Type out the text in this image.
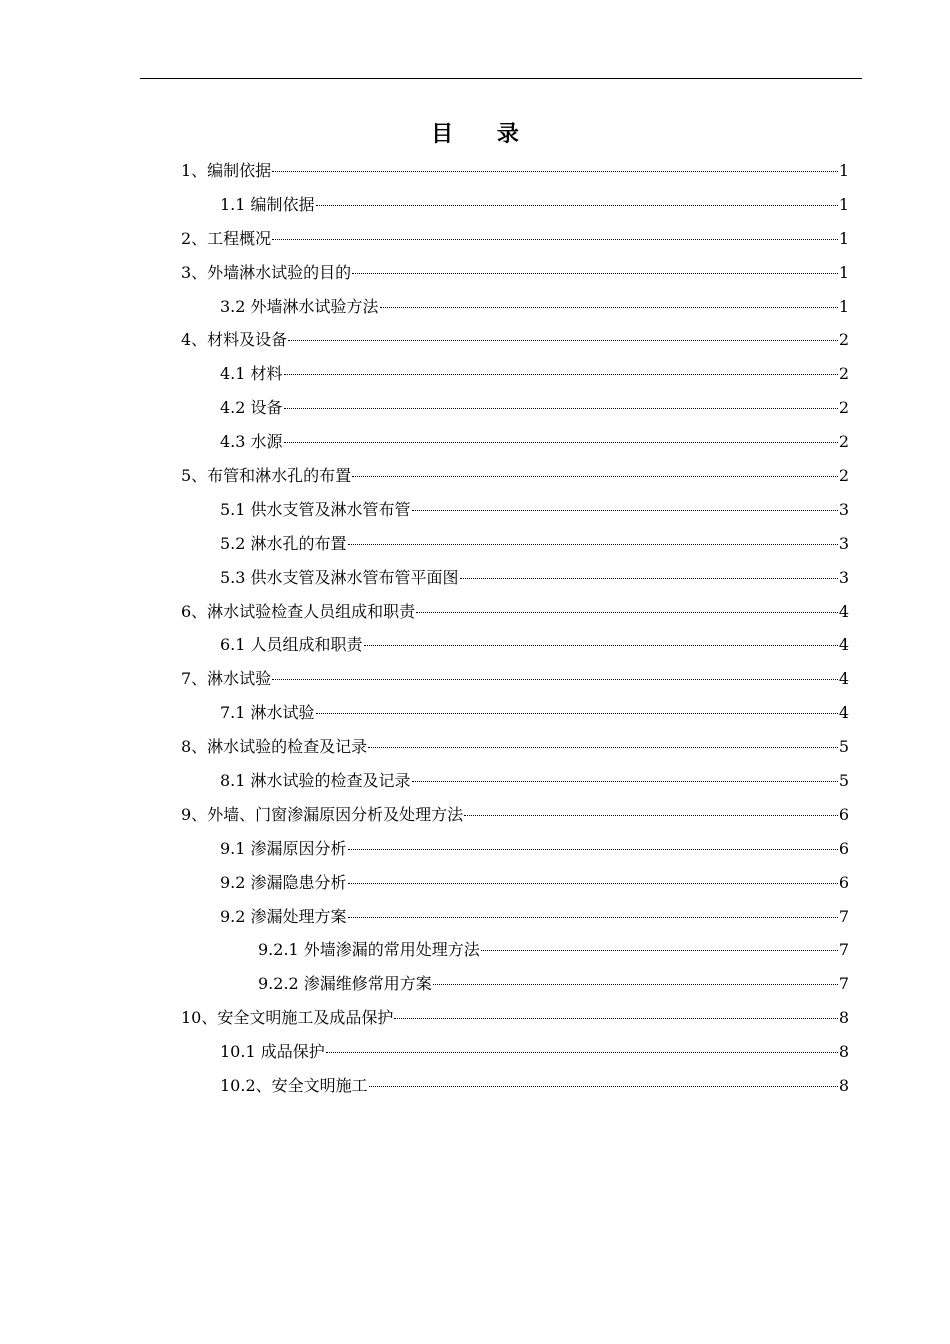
目 录
1、编制依据	1
1.1 编制依据	1
2、工程概况	1
3、外墙淋水试验的目的	1
3.2 外墙淋水试验方法	1
4、材料及设备	2
4.1 材料	2
4.2 设备	2
4.3 水源	2
5、布管和淋水孔的布置	2
5.1 供水支管及淋水管布管	3
5.2 淋水孔的布置	3
5.3 供水支管及淋水管布管平面图	3
6、淋水试验检查人员组成和职责	4
6.1 人员组成和职责	4
7、淋水试验	4
7.1 淋水试验	4
8、淋水试验的检查及记录	5
8.1 淋水试验的检查及记录	5
9、外墙、门窗渗漏原因分析及处理方法	6
9.1 渗漏原因分析	6
9.2 渗漏隐患分析	6
9.2 渗漏处理方案	7
9.2.1 外墙渗漏的常用处理方法	7
9.2.2 渗漏维修常用方案	7
10、安全文明施工及成品保护	8
10.1 成品保护	8
10.2、安全文明施工	8
